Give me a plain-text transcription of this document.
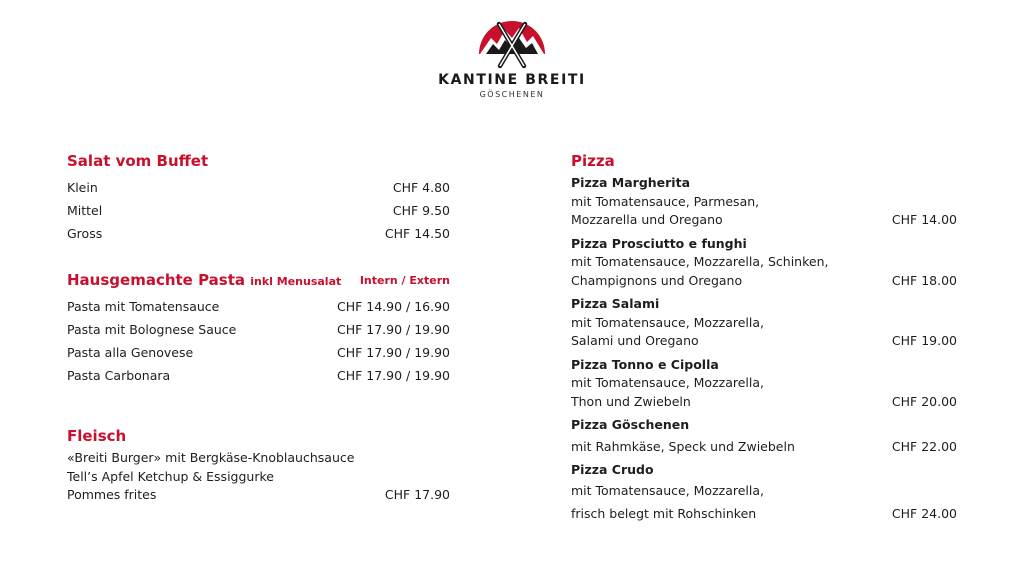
KANTINE BREITI
GÖSCHENEN
Salat vom Buffet
Klein	CHF 4.80
Mittel	CHF 9.50
Gross	CHF 14.50
Hausgemachte Pasta inkl Menusalat Intern / Extern
Pasta mit Tomatensauce	CHF 14.90 / 16.90
Pasta mit Bolognese Sauce	CHF 17.90 / 19.90
Pasta alla Genovese	CHF 17.90 / 19.90
Pasta Carbonara	CHF 17.90 / 19.90
Fleisch
«Breiti Burger» mit Bergkäse-Knoblauchsauce
Tell’s Apfel Ketchup & Essiggurke
Pommes frites	CHF 17.90
Pizza
Pizza Margherita
mit Tomatensauce, Parmesan,
Mozzarella und Oregano	CHF 14.00
Pizza Prosciutto e funghi
mit Tomatensauce, Mozzarella, Schinken,
Champignons und Oregano	CHF 18.00
Pizza Salami
mit Tomatensauce, Mozzarella,
Salami und Oregano	CHF 19.00
Pizza Tonno e Cipolla
mit Tomatensauce, Mozzarella,
Thon und Zwiebeln	CHF 20.00
Pizza Göschenen
mit Rahmkäse, Speck und Zwiebeln	CHF 22.00
Pizza Crudo
mit Tomatensauce, Mozzarella,
frisch belegt mit Rohschinken	CHF 24.00
